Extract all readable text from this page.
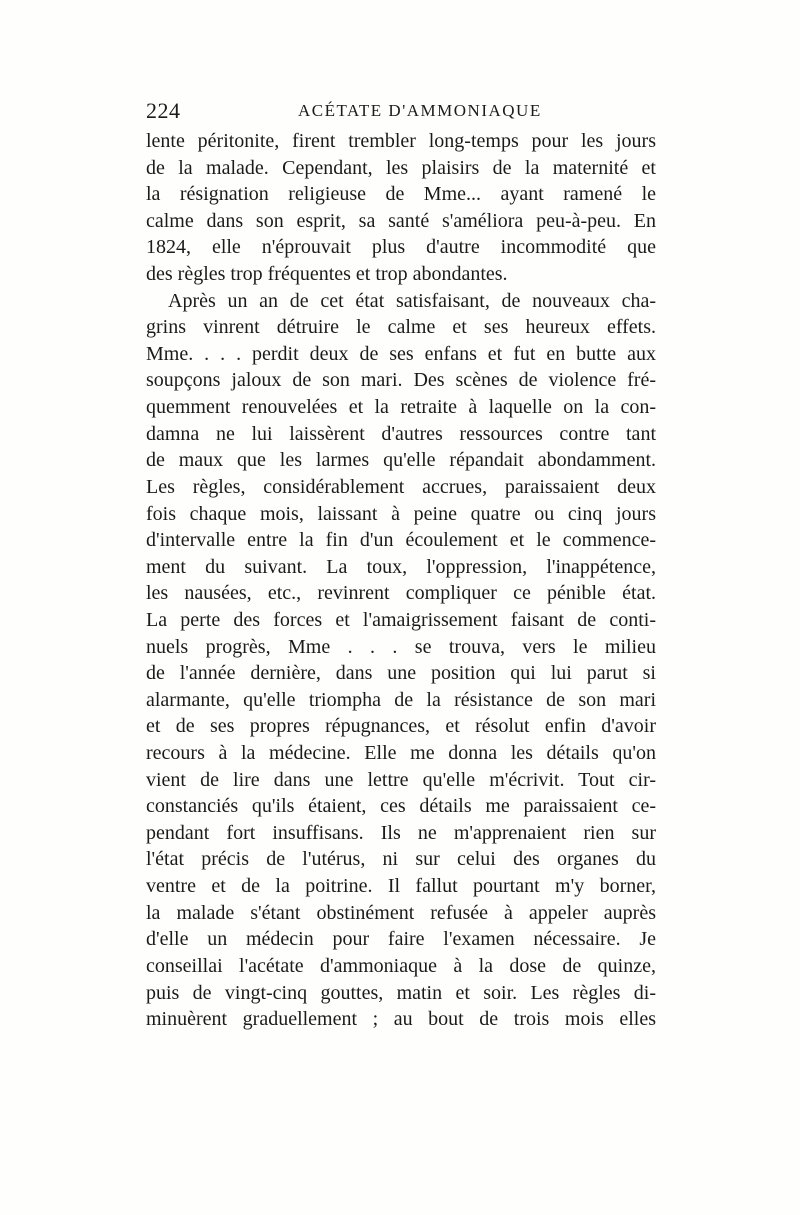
224	ACÉTATE D'AMMONIAQUE
lente péritonite, firent trembler long-temps pour les jours
de la malade. Cependant, les plaisirs de la maternité et
la résignation religieuse de Mme... ayant ramené le
calme dans son esprit, sa santé s'améliora peu-à-peu. En
1824, elle n'éprouvait plus d'autre incommodité que
des règles trop fréquentes et trop abondantes.
Après un an de cet état satisfaisant, de nouveaux cha-
grins vinrent détruire le calme et ses heureux effets.
Mme. . . . perdit deux de ses enfans et fut en butte aux
soupçons jaloux de son mari. Des scènes de violence fré-
quemment renouvelées et la retraite à laquelle on la con-
damna ne lui laissèrent d'autres ressources contre tant
de maux que les larmes qu'elle répandait abondamment.
Les règles, considérablement accrues, paraissaient deux
fois chaque mois, laissant à peine quatre ou cinq jours
d'intervalle entre la fin d'un écoulement et le commence-
ment du suivant. La toux, l'oppression, l'inappétence,
les nausées, etc., revinrent compliquer ce pénible état.
La perte des forces et l'amaigrissement faisant de conti-
nuels progrès, Mme . . . se trouva, vers le milieu
de l'année dernière, dans une position qui lui parut si
alarmante, qu'elle triompha de la résistance de son mari
et de ses propres répugnances, et résolut enfin d'avoir
recours à la médecine. Elle me donna les détails qu'on
vient de lire dans une lettre qu'elle m'écrivit. Tout cir-
constanciés qu'ils étaient, ces détails me paraissaient ce-
pendant fort insuffisans. Ils ne m'apprenaient rien sur
l'état précis de l'utérus, ni sur celui des organes du
ventre et de la poitrine. Il fallut pourtant m'y borner,
la malade s'étant obstinément refusée à appeler auprès
d'elle un médecin pour faire l'examen nécessaire. Je
conseillai l'acétate d'ammoniaque à la dose de quinze,
puis de vingt-cinq gouttes, matin et soir. Les règles di-
minuèrent graduellement ; au bout de trois mois elles
